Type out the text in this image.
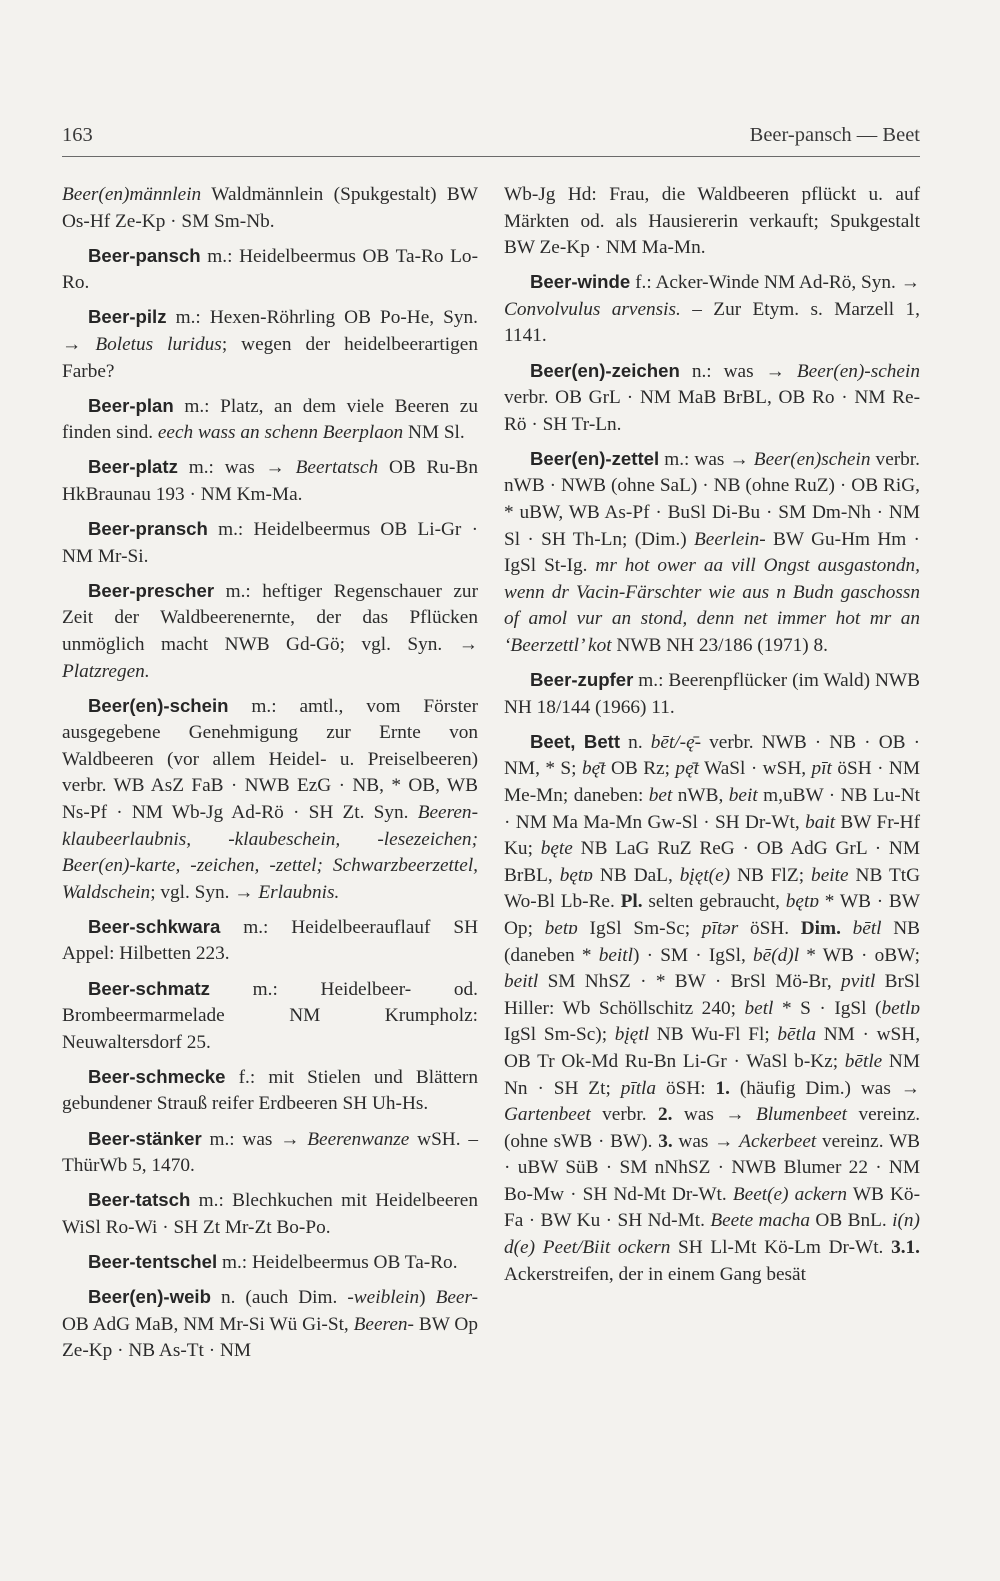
163	Beer-pansch — Beet

Beer(en)männlein Waldmännlein (Spukgestalt) BW Os-Hf Ze-Kp · SM Sm-Nb.

Beer-pansch m.: Heidelbeermus OB Ta-Ro Lo-Ro.

Beer-pilz m.: Hexen-Röhrling OB Po-He, Syn. → Boletus luridus; wegen der heidelbeerartigen Farbe?

Beer-plan m.: Platz, an dem viele Beeren zu finden sind. eech wass an schenn Beerplaon NM Sl.

Beer-platz m.: was → Beertatsch OB Ru-Bn HkBraunau 193 · NM Km-Ma.

Beer-pransch m.: Heidelbeermus OB Li-Gr · NM Mr-Si.

Beer-prescher m.: heftiger Regenschauer zur Zeit der Waldbeerenernte, der das Pflücken unmöglich macht NWB Gd-Gö; vgl. Syn. → Platzregen.

Beer(en)-schein m.: amtl., vom Förster ausgegebene Genehmigung zur Ernte von Waldbeeren (vor allem Heidel- u. Preiselbeeren) verbr. WB AsZ FaB · NWB EzG · NB, * OB, WB Ns-Pf · NM Wb-Jg Ad-Rö · SH Zt. Syn. Beeren-klaubeerlaubnis, -klaubeschein, -lesezeichen; Beer(en)-karte, -zeichen, -zettel; Schwarzbeerzettel, Waldschein; vgl. Syn. → Erlaubnis.

Beer-schkwara m.: Heidelbeerauflauf SH Appel: Hilbetten 223.

Beer-schmatz m.: Heidelbeer- od. Brombeermarmelade NM Krumpholz: Neuwaltersdorf 25.

Beer-schmecke f.: mit Stielen und Blättern gebundener Strauß reifer Erdbeeren SH Uh-Hs.

Beer-stänker m.: was → Beerenwanze wSH. – ThürWb 5, 1470.

Beer-tatsch m.: Blechkuchen mit Heidelbeeren WiSl Ro-Wi · SH Zt Mr-Zt Bo-Po.

Beer-tentschel m.: Heidelbeermus OB Ta-Ro.

Beer(en)-weib n. (auch Dim. -weiblein) Beer- OB AdG MaB, NM Mr-Si Wü Gi-St, Beeren- BW Op Ze-Kp · NB As-Tt · NM

Wb-Jg Hd: Frau, die Waldbeeren pflückt u. auf Märkten od. als Hausiererin verkauft; Spukgestalt BW Ze-Kp · NM Ma-Mn.

Beer-winde f.: Acker-Winde NM Ad-Rö, Syn. → Convolvulus arvensis. – Zur Etym. s. Marzell 1, 1141.

Beer(en)-zeichen n.: was → Beer(en)-schein verbr. OB GrL · NM MaB BrBL, OB Ro · NM Re-Rö · SH Tr-Ln.

Beer(en)-zettel m.: was → Beer(en)schein verbr. nWB · NWB (ohne SaL) · NB (ohne RuZ) · OB RiG, * uBW, WB As-Pf · BuSl Di-Bu · SM Dm-Nh · NM Sl · SH Th-Ln; (Dim.) Beerlein- BW Gu-Hm Hm · IgSl St-Ig. mr hot ower aa vill Ongst ausgastondn, wenn dr Vacin-Färschter wie aus n Budn gaschossn of amol vur an stond, denn net immer hot mr an ‘Beerzettl’ kot NWB NH 23/186 (1971) 8.

Beer-zupfer m.: Beerenpflücker (im Wald) NWB NH 18/144 (1966) 11.

Beet, Bett n. bēt/-ę̄- verbr. NWB · NB · OB · NM, * S; bę̄t OB Rz; pę̄t WaSl · wSH, pīt öSH · NM Me-Mn; daneben: bet nWB, beit m,uBW · NB Lu-Nt · NM Ma Ma-Mn Gw-Sl · SH Dr-Wt, bait BW Fr-Hf Ku; bęte NB LaG RuZ ReG · OB AdG GrL · NM BrBL, bętɒ NB DaL, bįęt(e) NB FlZ; beite NB TtG Wo-Bl Lb-Re. Pl. selten gebraucht, bętɒ * WB · BW Op; betɒ IgSl Sm-Sc; pītər öSH. Dim. bētl NB (daneben * beitl) · SM · IgSl, bē(d)l * WB · oBW; beitl SM NhSZ · * BW · BrSl Mö-Br, pvitl BrSl Hiller: Wb Schöllschitz 240; betl * S · IgSl (betlɒ IgSl Sm-Sc); bįętl NB Wu-Fl Fl; bētla NM · wSH, OB Tr Ok-Md Ru-Bn Li-Gr · WaSl b-Kz; bētle NM Nn · SH Zt; pītla öSH: 1. (häufig Dim.) was → Gartenbeet verbr. 2. was → Blumenbeet vereinz. (ohne sWB · BW). 3. was → Ackerbeet vereinz. WB · uBW SüB · SM nNhSZ · NWB Blumer 22 · NM Bo-Mw · SH Nd-Mt Dr-Wt. Beet(e) ackern WB Kö-Fa · BW Ku · SH Nd-Mt. Beete macha OB BnL. i(n) d(e) Peet/Biit ockern SH Ll-Mt Kö-Lm Dr-Wt. 3.1. Ackerstreifen, der in einem Gang besät
